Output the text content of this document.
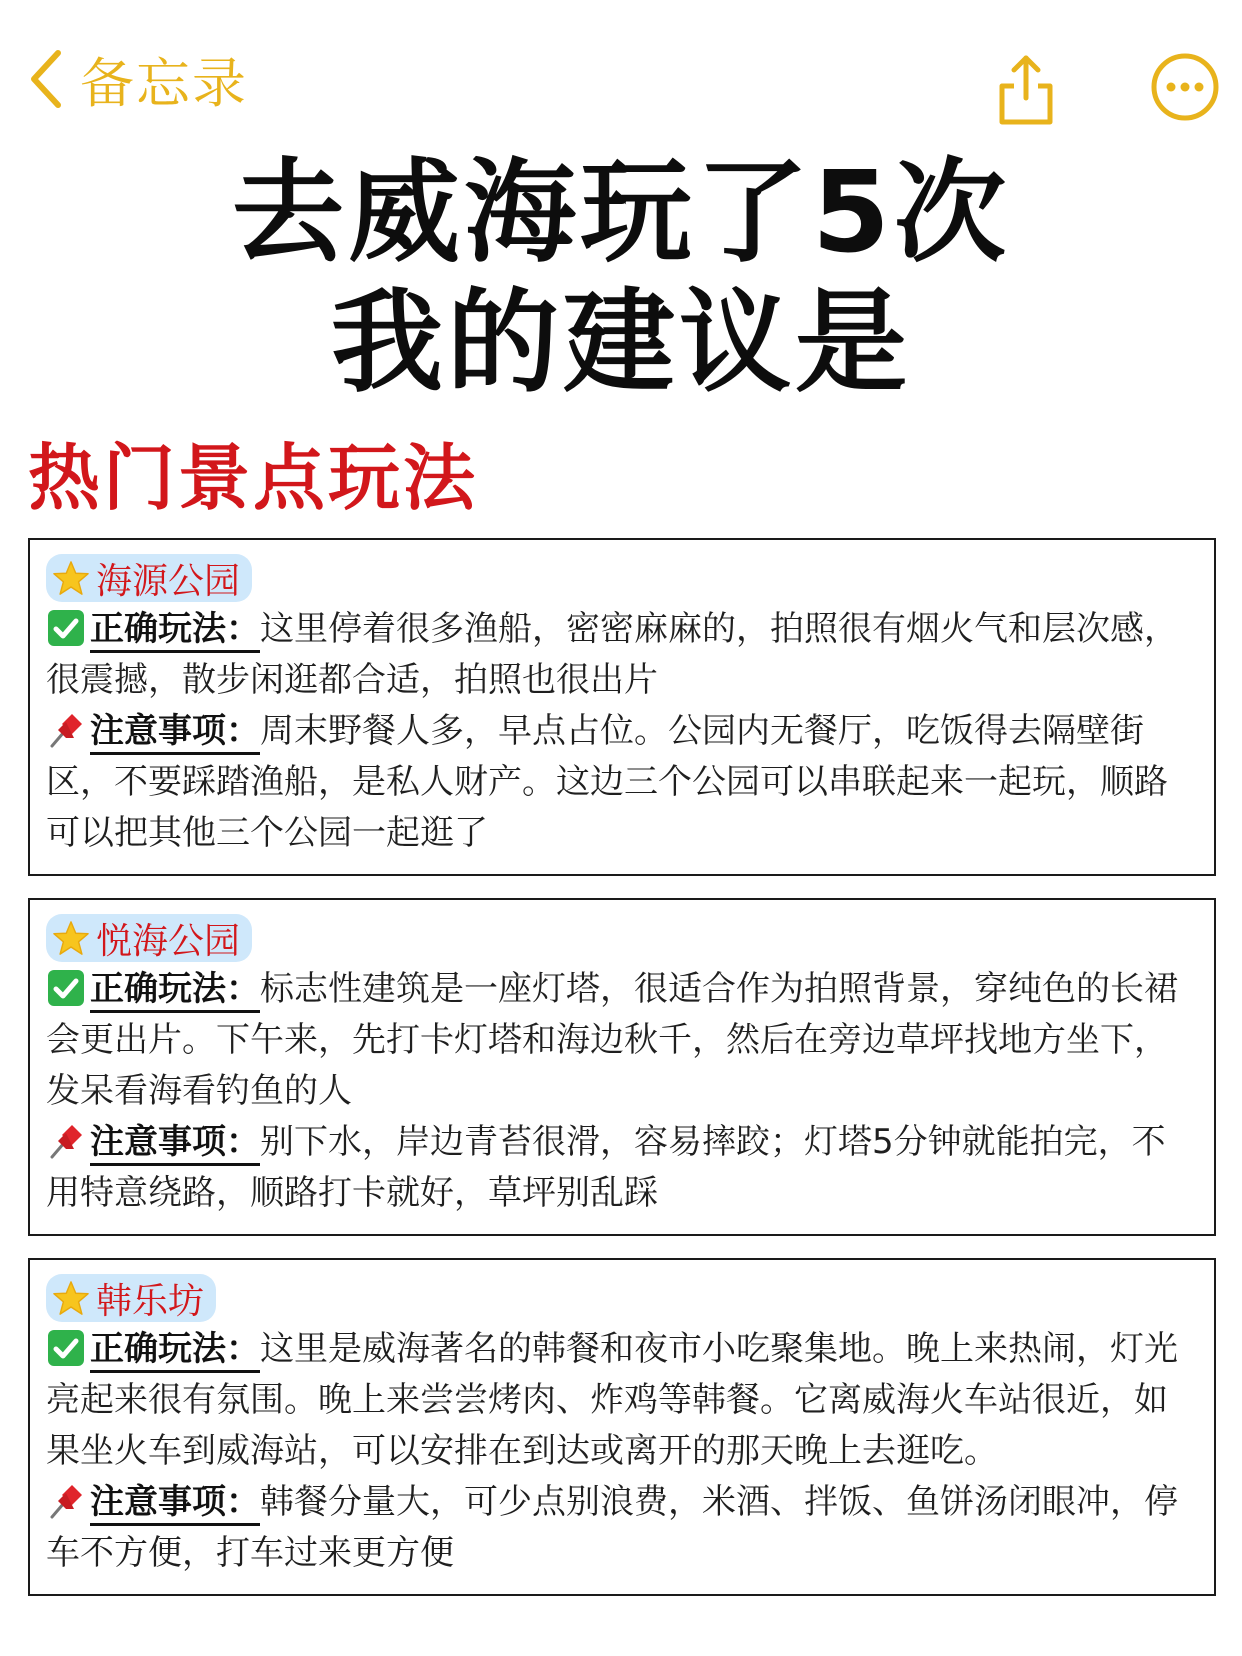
备忘录
去威海玩了5次
我的建议是
热门景点玩法
海源公园
正确玩法：这里停着很多渔船，密密麻麻的，拍照很有烟火气和层次感，很震撼，散步闲逛都合适，拍照也很出片
注意事项：周末野餐人多，早点占位。公园内无餐厅，吃饭得去隔壁街区，不要踩踏渔船，是私人财产。这边三个公园可以串联起来一起玩，顺路可以把其他三个公园一起逛了
悦海公园
正确玩法：标志性建筑是一座灯塔，很适合作为拍照背景，穿纯色的长裙会更出片。下午来，先打卡灯塔和海边秋千，然后在旁边草坪找地方坐下，发呆看海看钓鱼的人
注意事项：别下水，岸边青苔很滑，容易摔跤；灯塔5分钟就能拍完，不用特意绕路，顺路打卡就好，草坪别乱踩
韩乐坊
正确玩法：这里是威海著名的韩餐和夜市小吃聚集地。晚上来热闹，灯光亮起来很有氛围。晚上来尝尝烤肉、炸鸡等韩餐。它离威海火车站很近，如果坐火车到威海站，可以安排在到达或离开的那天晚上去逛吃。
注意事项：韩餐分量大，可少点别浪费，米酒、拌饭、鱼饼汤闭眼冲，停车不方便，打车过来更方便
